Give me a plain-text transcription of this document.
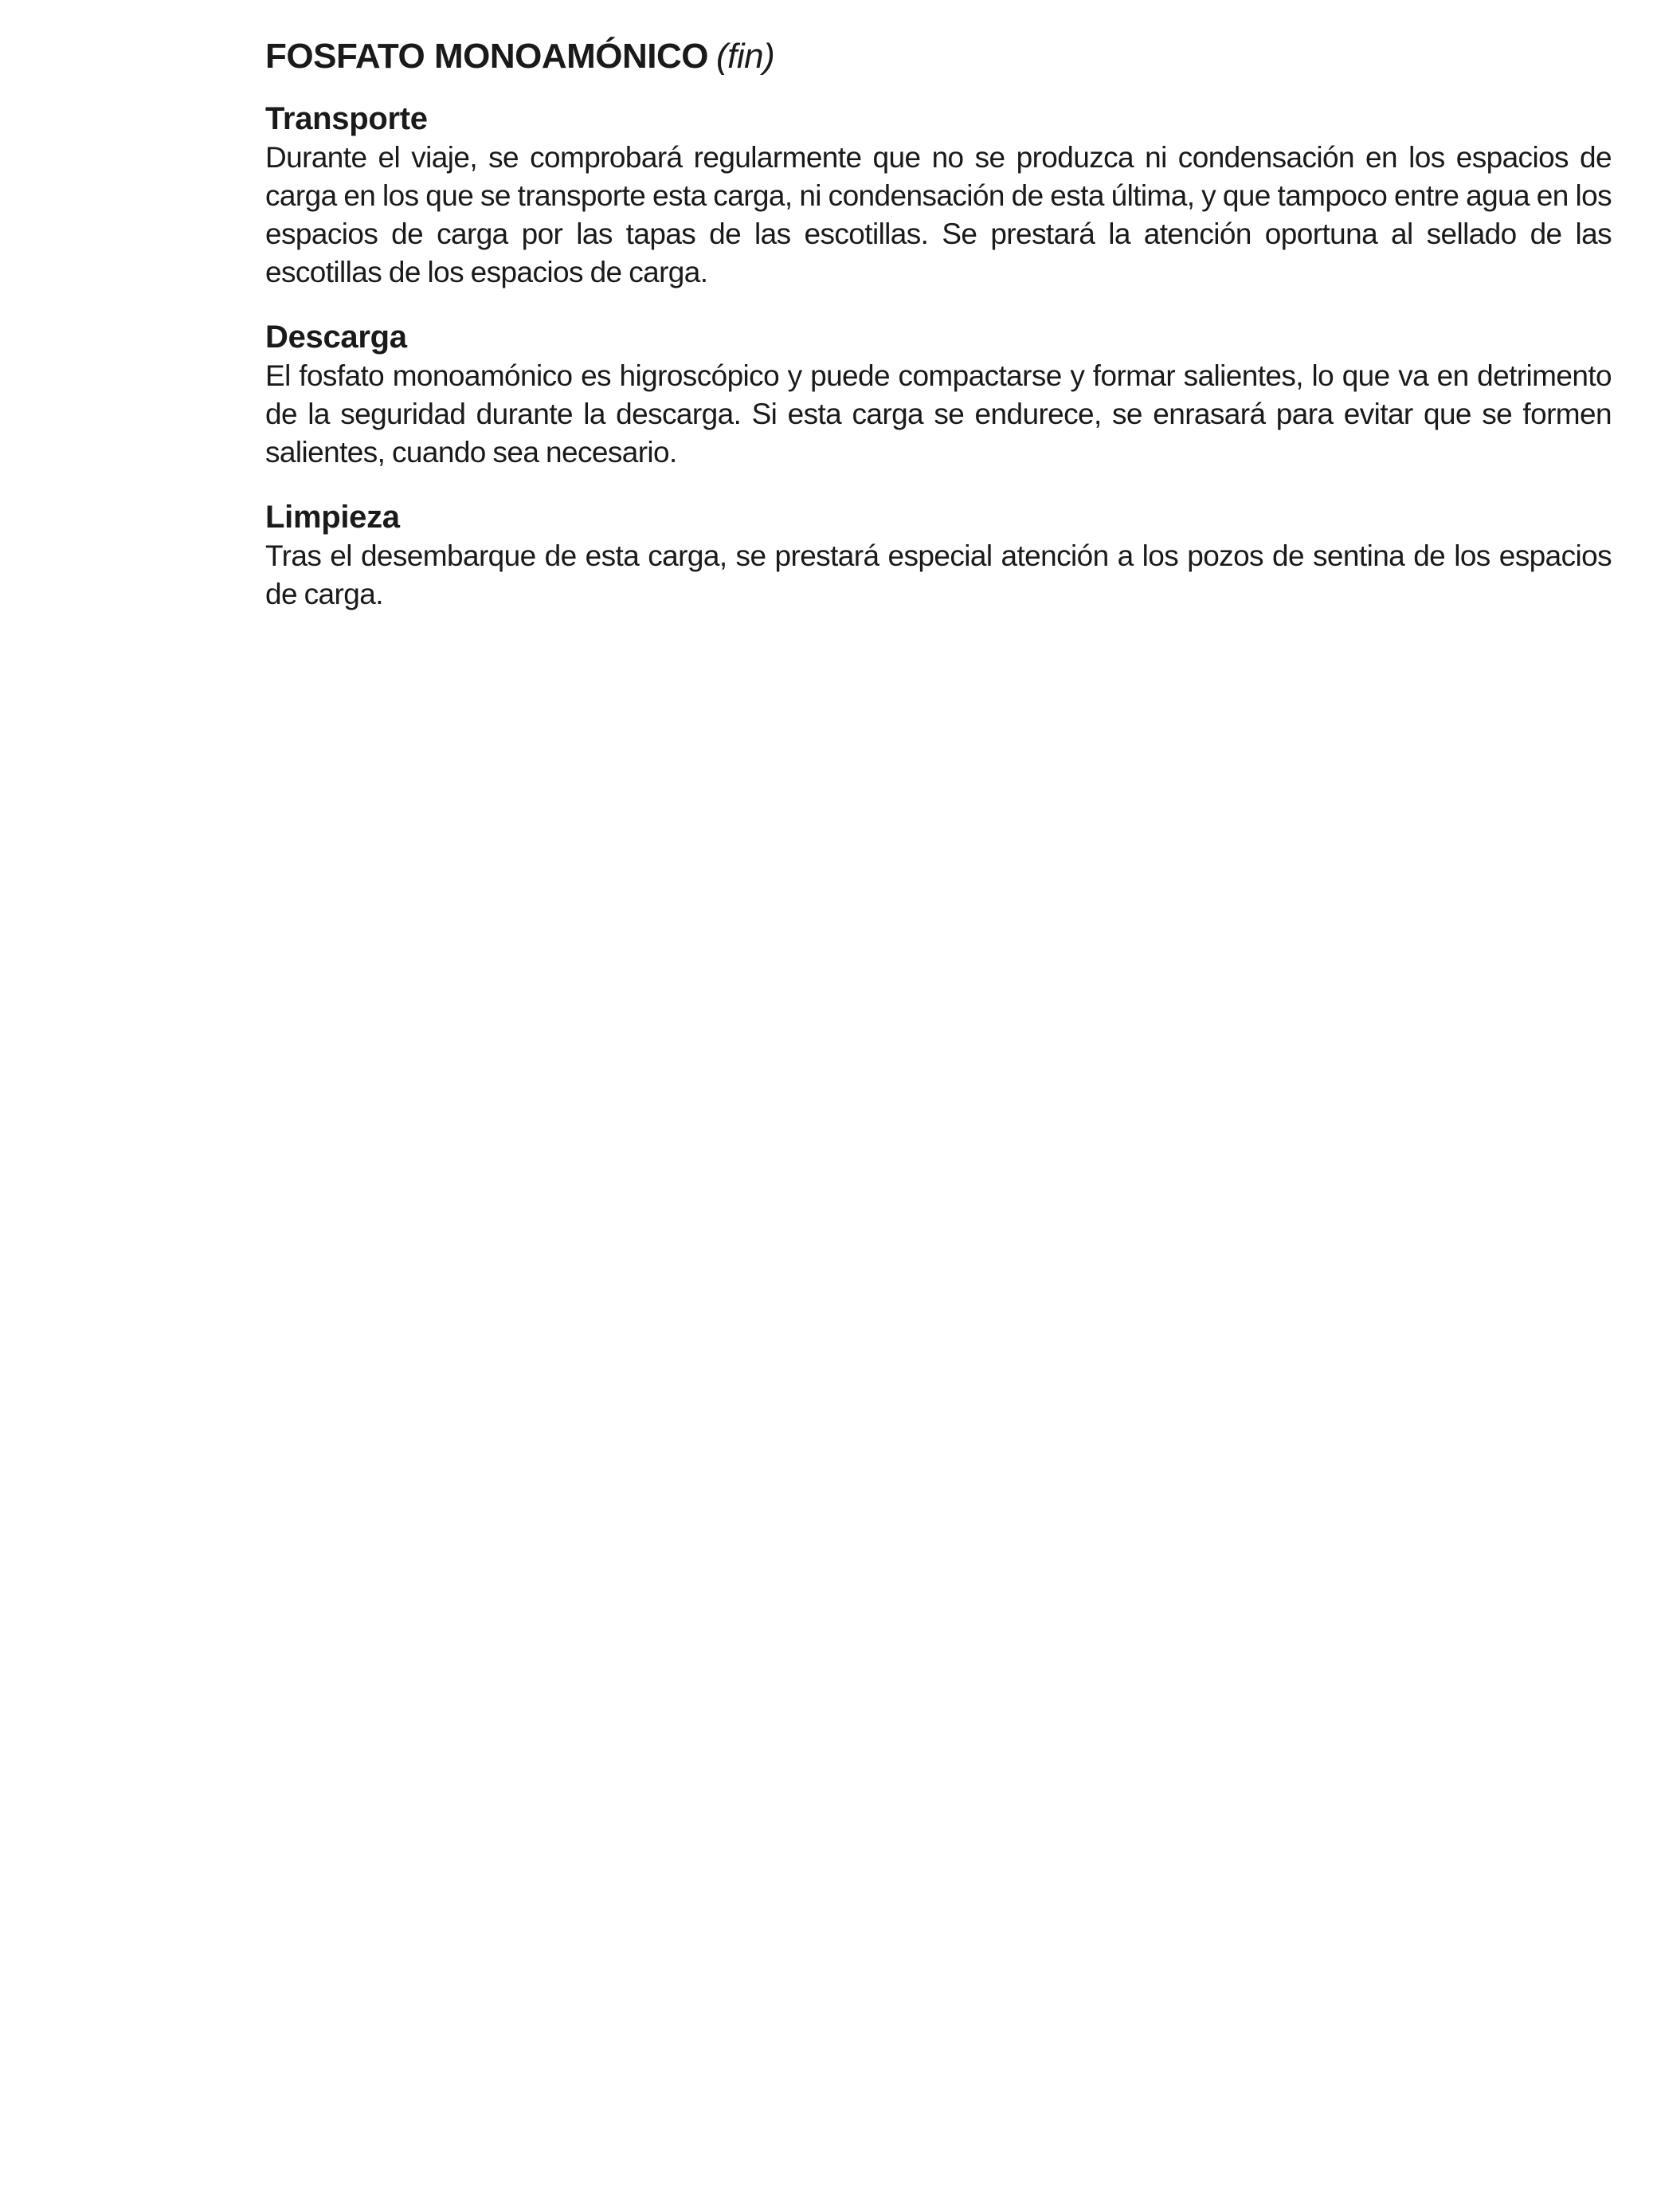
FOSFATO MONOAMÓNICO (fin)
Transporte

Durante el viaje, se comprobará regularmente que no se produzca ni condensación en los espacios de carga en los que se transporte esta carga, ni condensación de esta última, y que tampoco entre agua en los espacios de carga por las tapas de las escotillas. Se prestará la atención oportuna al sellado de las escotillas de los espacios de carga.

Descarga

El fosfato monoamónico es higroscópico y puede compactarse y formar salientes, lo que va en detrimento de la seguridad durante la descarga. Si esta carga se endurece, se enrasará para evitar que se formen salientes, cuando sea necesario.

Limpieza

Tras el desembarque de esta carga, se prestará especial atención a los pozos de sentina de los espacios de carga.
